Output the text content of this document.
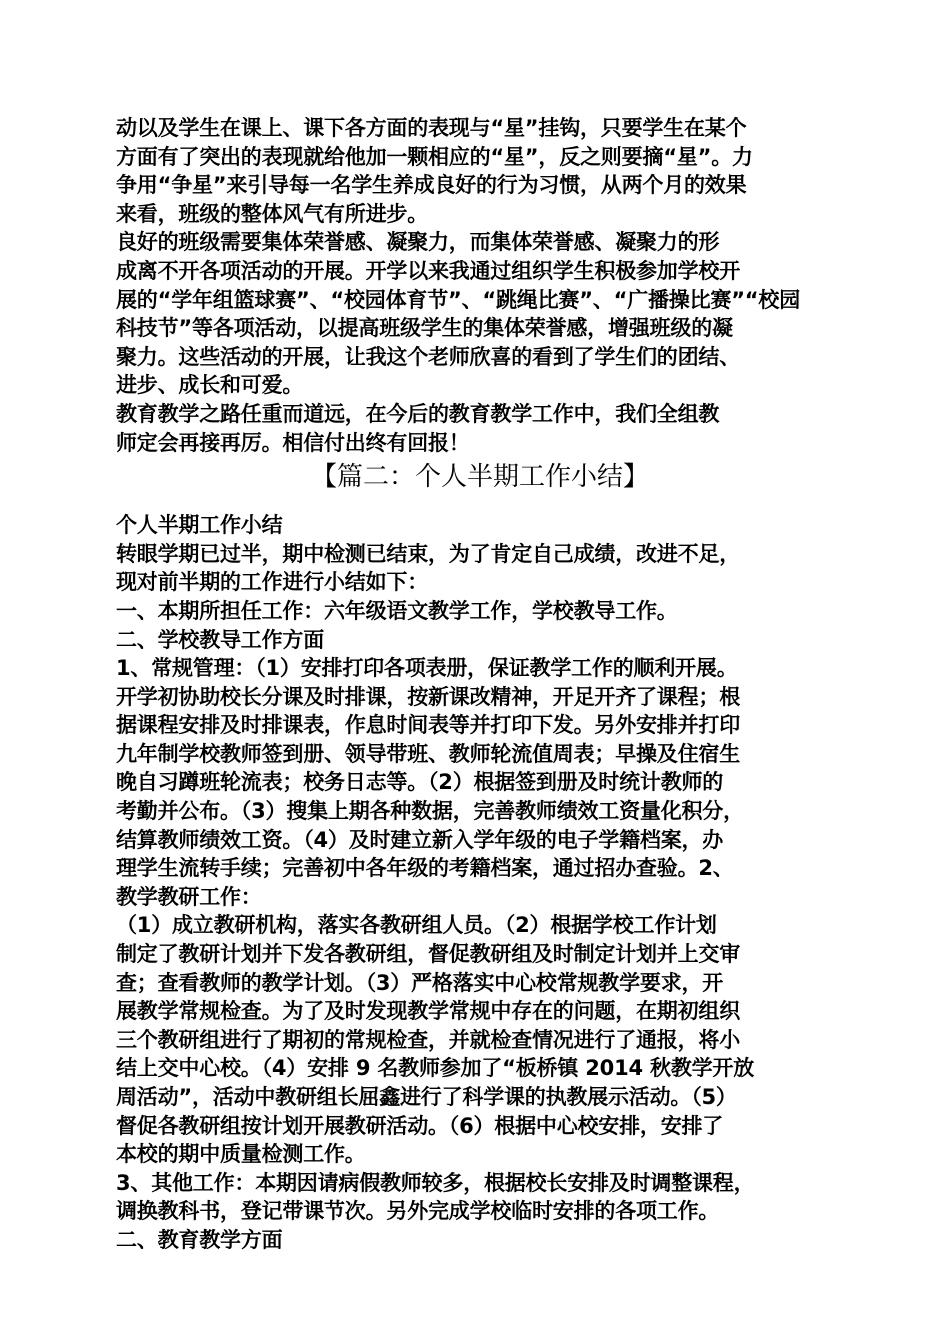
动以及学生在课上、课下各方面的表现与“星”挂钩，只要学生在某个
方面有了突出的表现就给他加一颗相应的“星”，反之则要摘“星”。力
争用“争星”来引导每一名学生养成良好的行为习惯，从两个月的效果
来看，班级的整体风气有所进步。
良好的班级需要集体荣誉感、凝聚力，而集体荣誉感、凝聚力的形
成离不开各项活动的开展。开学以来我通过组织学生积极参加学校开
展的“学年组篮球赛”、“校园体育节”、“跳绳比赛”、“广播操比赛”“校园
科技节”等各项活动，以提高班级学生的集体荣誉感，增强班级的凝
聚力。这些活动的开展，让我这个老师欣喜的看到了学生们的团结、
进步、成长和可爱。
教育教学之路任重而道远，在今后的教育教学工作中，我们全组教
师定会再接再厉。相信付出终有回报！
【篇二：个人半期工作小结】
个人半期工作小结
转眼学期已过半，期中检测已结束，为了肯定自己成绩，改进不足，
现对前半期的工作进行小结如下：
一、本期所担任工作：六年级语文教学工作，学校教导工作。
二、学校教导工作方面
1、常规管理：（1）安排打印各项表册，保证教学工作的顺利开展。
开学初协助校长分课及时排课，按新课改精神，开足开齐了课程；根
据课程安排及时排课表，作息时间表等并打印下发。另外安排并打印
九年制学校教师签到册、领导带班、教师轮流值周表；早操及住宿生
晚自习蹲班轮流表；校务日志等。（2）根据签到册及时统计教师的
考勤并公布。（3）搜集上期各种数据，完善教师绩效工资量化积分，
结算教师绩效工资。（4）及时建立新入学年级的电子学籍档案，办
理学生流转手续；完善初中各年级的考籍档案，通过招办查验。2、
教学教研工作：
（1）成立教研机构，落实各教研组人员。（2）根据学校工作计划
制定了教研计划并下发各教研组，督促教研组及时制定计划并上交审
查；查看教师的教学计划。（3）严格落实中心校常规教学要求，开
展教学常规检查。为了及时发现教学常规中存在的问题，在期初组织
三个教研组进行了期初的常规检查，并就检查情况进行了通报，将小
结上交中心校。（4）安排 9 名教师参加了“板桥镇 2014 秋教学开放
周活动”，活动中教研组长屈鑫进行了科学课的执教展示活动。（5）
督促各教研组按计划开展教研活动。（6）根据中心校安排，安排了
本校的期中质量检测工作。
3、其他工作：本期因请病假教师较多，根据校长安排及时调整课程，
调换教科书，登记带课节次。另外完成学校临时安排的各项工作。
二、教育教学方面
